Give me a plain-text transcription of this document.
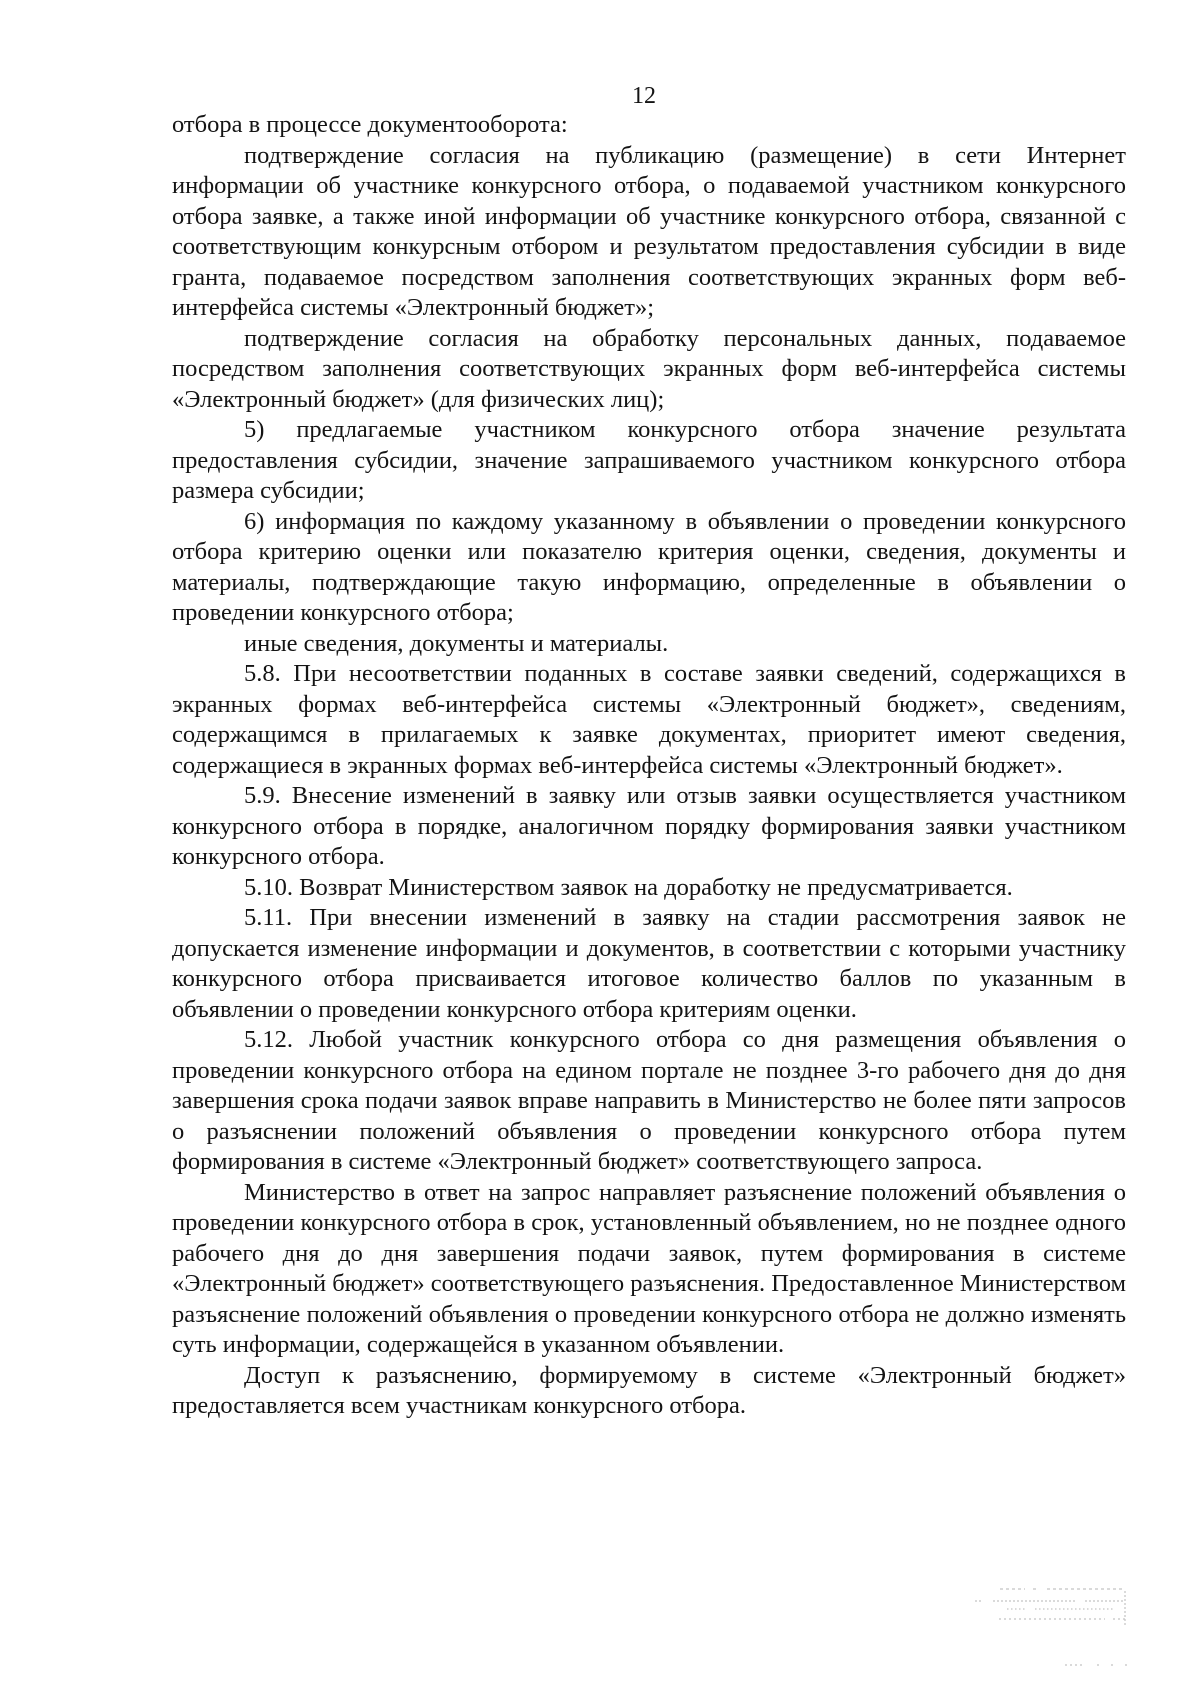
12

отбора в процессе документооборота:

подтверждение согласия на публикацию (размещение) в сети Интернет информации об участнике конкурсного отбора, о подаваемой участником конкурсного отбора заявке, а также иной информации об участнике конкурсного отбора, связанной с соответствующим конкурсным отбором и результатом предоставления субсидии в виде гранта, подаваемое посредством заполнения соответствующих экранных форм веб-интерфейса системы «Электронный бюджет»;

подтверждение согласия на обработку персональных данных, подаваемое посредством заполнения соответствующих экранных форм веб-интерфейса системы «Электронный бюджет» (для физических лиц);

5) предлагаемые участником конкурсного отбора значение результата предоставления субсидии, значение запрашиваемого участником конкурсного отбора размера субсидии;

6) информация по каждому указанному в объявлении о проведении конкурсного отбора критерию оценки или показателю критерия оценки, сведения, документы и материалы, подтверждающие такую информацию, определенные в объявлении о проведении конкурсного отбора;

иные сведения, документы и материалы.

5.8. При несоответствии поданных в составе заявки сведений, содержащихся в экранных формах веб-интерфейса системы «Электронный бюджет», сведениям, содержащимся в прилагаемых к заявке документах, приоритет имеют сведения, содержащиеся в экранных формах веб-интерфейса системы «Электронный бюджет».

5.9. Внесение изменений в заявку или отзыв заявки осуществляется участником конкурсного отбора в порядке, аналогичном порядку формирования заявки участником конкурсного отбора.

5.10. Возврат Министерством заявок на доработку не предусматривается.

5.11. При внесении изменений в заявку на стадии рассмотрения заявок не допускается изменение информации и документов, в соответствии с которыми участнику конкурсного отбора присваивается итоговое количество баллов по указанным в объявлении о проведении конкурсного отбора критериям оценки.

5.12. Любой участник конкурсного отбора со дня размещения объявления о проведении конкурсного отбора на едином портале не позднее 3-го рабочего дня до дня завершения срока подачи заявок вправе направить в Министерство не более пяти запросов о разъяснении положений объявления о проведении конкурсного отбора путем формирования в системе «Электронный бюджет» соответствующего запроса.

Министерство в ответ на запрос направляет разъяснение положений объявления о проведении конкурсного отбора в срок, установленный объявлением, но не позднее одного рабочего дня до дня завершения подачи заявок, путем формирования в системе «Электронный бюджет» соответствующего разъяснения. Предоставленное Министерством разъяснение положений объявления о проведении конкурсного отбора не должно изменять суть информации, содержащейся в указанном объявлении.

Доступ к разъяснению, формируемому в системе «Электронный бюджет» предоставляется всем участникам конкурсного отбора.
